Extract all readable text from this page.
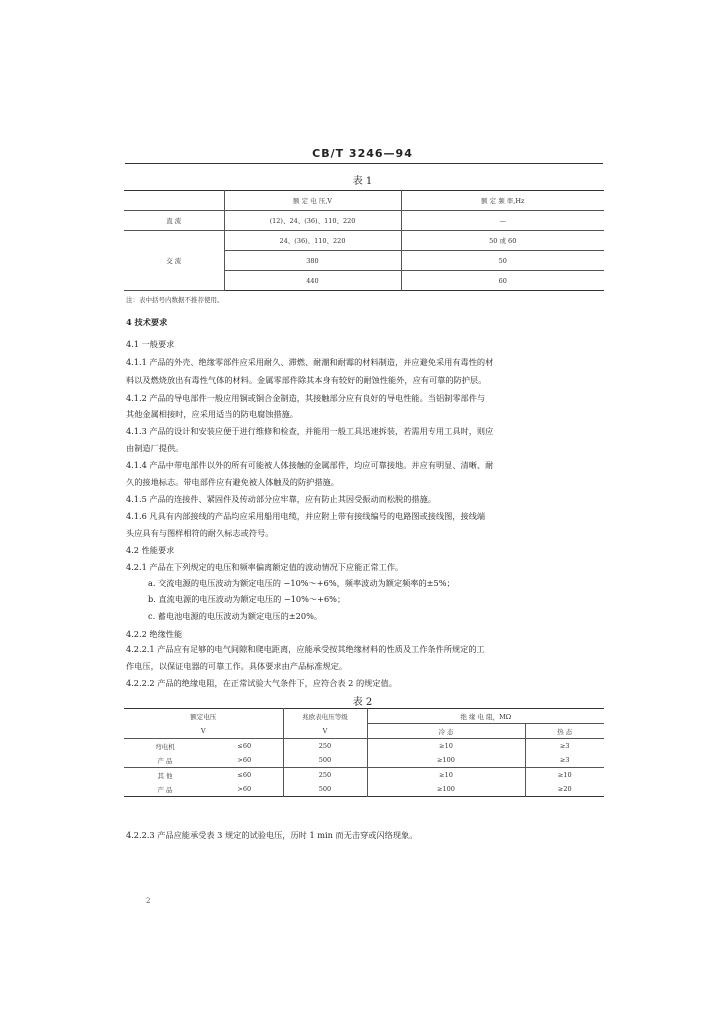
CB/T 3246—94
表 1
	额 定 电 压,V	额 定 频 率,Hz
直 流	(12)、24、(36)、110、220	—
交 流	24、(36)、110、220	50 或 60
	380	50
	440	60
注：表中括号内数据不推荐使用。
4 技术要求
4.1 一般要求
4.1.1 产品的外壳、绝缘零部件应采用耐久、滞燃、耐潮和耐霉的材料制造，并应避免采用有毒性的材
料以及燃烧放出有毒性气体的材料。金属零部件除其本身有较好的耐蚀性能外，应有可靠的防护层。
4.1.2 产品的导电部件一般应用铜或铜合金制造，其接触部分应有良好的导电性能。当铝制零部件与
其他金属相接时，应采用适当的防电腐蚀措施。
4.1.3 产品的设计和安装应便于进行维修和检查，并能用一般工具迅速拆装，若需用专用工具时，则应
由制造厂提供。
4.1.4 产品中带电部件以外的所有可能被人体接触的金属部件，均应可靠接地。并应有明显、清晰、耐
久的接地标志。带电部件应有避免被人体触及的防护措施。
4.1.5 产品的连接件、紧固件及传动部分应牢靠，应有防止其因受振动而松脱的措施。
4.1.6 凡具有内部接线的产品均应采用船用电缆，并应附上带有接线编号的电路图或接线图，接线端
头应具有与图样相符的耐久标志或符号。
4.2 性能要求
4.2.1 产品在下列规定的电压和频率偏离额定值的波动情况下应能正常工作。
a. 交流电源的电压波动为额定电压的 −10%～+6%，频率波动为额定频率的±5%；
b. 直流电源的电压波动为额定电压的 −10%～+6%；
c. 蓄电池电源的电压波动为额定电压的±20%。
4.2.2 绝缘性能
4.2.2.1 产品应有足够的电气间隙和爬电距离，应能承受按其绝缘材料的性质及工作条件所规定的工
作电压，以保证电器的可靠工作。具体要求由产品标准规定。
4.2.2.2 产品的绝缘电阻，在正常试验大气条件下，应符合表 2 的规定值。
表 2
额定电压		兆欧表电压等级	绝 缘 电 阻，MΩ	
V		V	冷 态	热 态
弯电机	≤60	250	≥10	≥3
产 品	>60	500	≥100	≥3
其 他	≤60	250	≥10	≥10
产 品	>60	500	≥100	≥20
4.2.2.3 产品应能承受表 3 规定的试验电压，历时 1 min 而无击穿或闪络现象。
2
